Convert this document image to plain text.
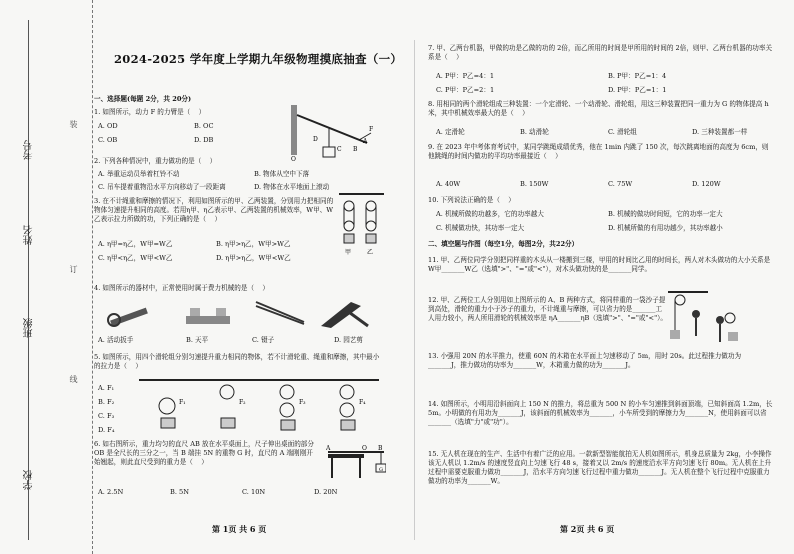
考号
姓名
班级
学校
装
订
线
2024-2025 学年度上学期九年级物理摸底抽查（一）
一、选择题(每题 2分，共 20分)
1. 如图所示，动力 F 的力臂是（    ）
A. OD	B. OC
C. OB	D. DB
O
D
C B
F
A
2. 下列各种情况中，重力做功的是（    ）
A. 举重运动员举着杠铃不动	B. 物体从空中下落
C. 吊车提着重物沿水平方向移动了一段距离	D. 物体在水平地面上滚动
3. 在不计绳重和摩擦的情况下，利用如图所示的甲、乙两装置，分别用力把相同的物体匀速提升相同的高度。若用η甲、η乙表示甲、乙两装置的机械效率，W甲、W乙表示拉力所做的功，下列正确的是（    ）
甲	乙
A. η甲=η乙，W甲=W乙	B. η甲>η乙，W甲>W乙
C. η甲<η乙，W甲<W乙	D. η甲>η乙，W甲<W乙
4. 如图所示的器材中，正常使用时属于费力机械的是（    ）
A. 活动扳手	B. 天平	C. 镊子	D. 园艺剪
5. 如图所示，用四个滑轮组分别匀速提升重力相同的物体，若不计滑轮重、绳重和摩擦，其中最小的拉力是（    ）
A. F₁
B. F₂
C. F₃
D. F₄
F₁	F₂	F₃	F₄
6. 如右图所示，重力均匀的直尺 AB 放在水平桌面上，尺子伸出桌面的部分 OB 是全尺长的三分之一，当 B 端挂 5N 的重物 G 时，直尺的 A 端刚刚开始翘起，则此直尺受到的重力是（    ）
A	O B
G
A. 2.5N	B. 5N	C. 10N	D. 20N
第 1页 共 6 页
7. 甲、乙两台机器，甲做的功是乙做的功的 2倍，而乙所用的时间是甲所用的时间的 2倍，则甲、乙两台机器的功率关系是（    ）
A. P甲：P乙=4：1	B. P甲：P乙=1：4
C. P甲：P乙=2：1	D. P甲：P乙=1：1
8. 用相同的两个滑轮组成三种装置：一个定滑轮、一个动滑轮、滑轮组，用这三种装置把同一重力为 G 的物体提高 h 米，其中机械效率最大的是（    ）
A. 定滑轮	B. 动滑轮	C. 滑轮组	D. 三种装置都一样
9. 在 2023 年中考体育考试中，某同学跳绳成绩优秀，他在 1min 内跳了 150 次，每次跳离地面的高度为 6cm，则他跳绳的时间内做功的平均功率最接近（    ）
A. 40W	B. 150W	C. 75W	D. 120W
10. 下列说法正确的是（    ）
A. 机械所做的功越多，它的功率越大	B. 机械的做功时间短，它的功率一定大
C. 机械做功快，其功率一定大	D. 机械所做的有用功越少，其功率越小
二、填空题与作图（每空1分，每图2分，共22分）
11. 甲、乙两位同学分别把同样重的木头从一楼搬到三楼，甲用的时间比乙用的时间长，两人对木头做功的大小关系是 W甲_______W乙（选填">"、"="或"<"），对木头做功快的是_______同学。
12. 甲、乙两位工人分别用如上图所示的 A、B 两种方式，将同样重的一袋沙子提到高处，滑轮的重力小于沙子的重力，不计绳重与摩擦，可以省力的是_______工人用力较小，两人所用滑轮的机械效率是 ηA_______ηB（选填">"、"="或"<"）。
13. 小强用 20N 的水平推力，使重 60N 的木箱在水平面上匀速移动了 5m，用时 20s。此过程推力做功为_______J，推力做功的功率为_______W，木箱重力做的功为_______J。
14. 如图所示，小明用沿斜面向上 150 N 的推力，将总重为 500 N 的小车匀速推到斜面顶端，已知斜面高 1.2m，长 5m。小明做的有用功为_______J，该斜面的机械效率为_______，小车所受到的摩擦力为_______N，使用斜面可以省_______（选填"力"或"功"）。
15. 无人机在现在的生产、生活中有着广泛的应用。一款新型智能航拍无人机如图所示，机身总质量为 2kg，小李操作该无人机以 1.2m/s 的速度竖直向上匀速飞行 48 s，接着又以 2m/s 的速度沿水平方向匀速飞行 80m。无人机在上升过程中需要克服重力做功_______J，沿水平方向匀速飞行过程中重力做功_______J。无人机在整个飞行过程中克服重力做功的功率为_______W。
第 2页 共 6 页
